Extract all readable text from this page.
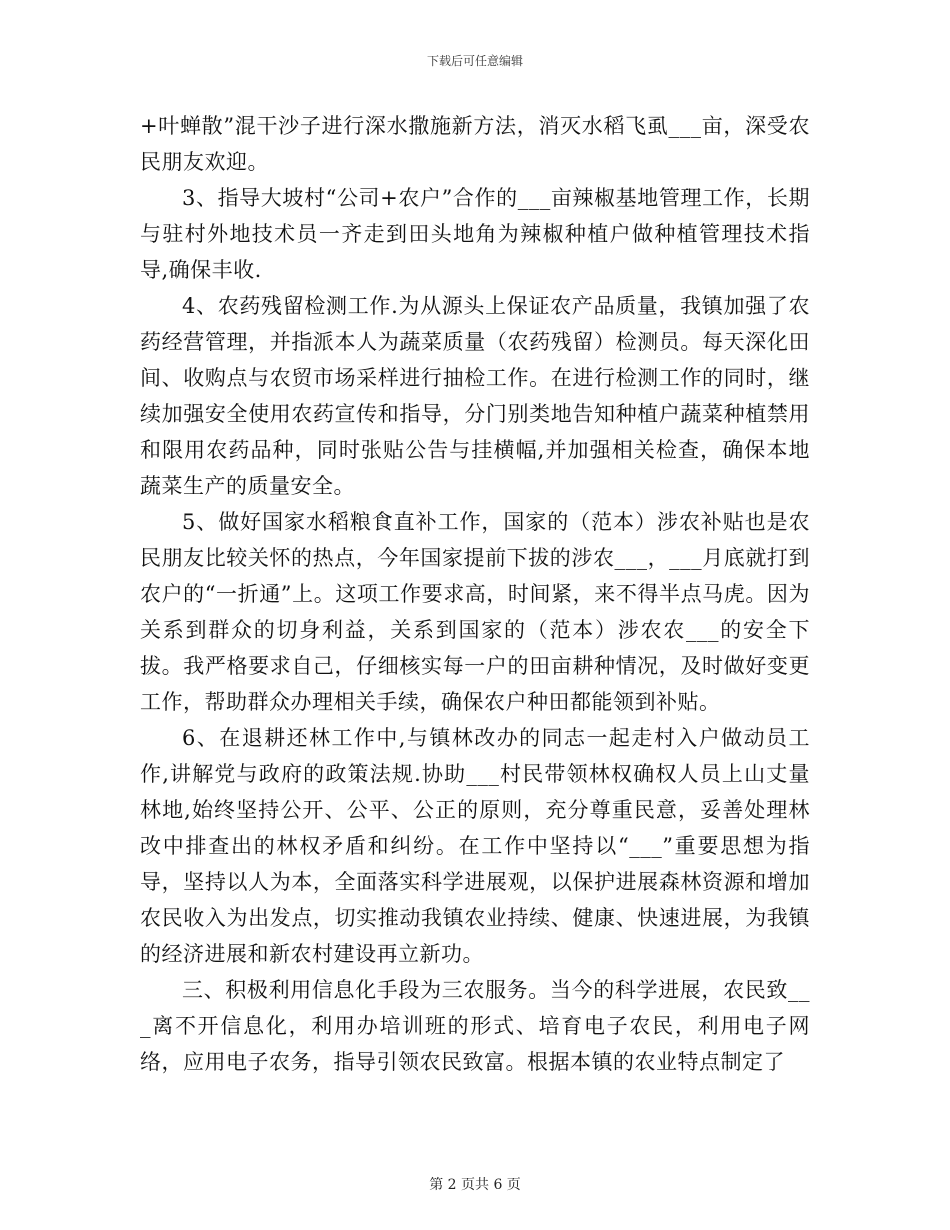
下载后可任意编辑

+叶蝉散”混干沙子进行深水撒施新方法，消灭水稻飞虱___亩，深受农民朋友欢迎。

3、指导大坡村“公司+农户”合作的___亩辣椒基地管理工作，长期与驻村外地技术员一齐走到田头地角为辣椒种植户做种植管理技术指导,确保丰收.

4、农药残留检测工作.为从源头上保证农产品质量，我镇加强了农药经营管理，并指派本人为蔬菜质量（农药残留）检测员。每天深化田间、收购点与农贸市场采样进行抽检工作。在进行检测工作的同时，继续加强安全使用农药宣传和指导，分门别类地告知种植户蔬菜种植禁用和限用农药品种，同时张贴公告与挂横幅,并加强相关检查，确保本地蔬菜生产的质量安全。

5、做好国家水稻粮食直补工作，国家的（范本）涉农补贴也是农民朋友比较关怀的热点，今年国家提前下拔的涉农___，___月底就打到农户的“一折通”上。这项工作要求高，时间紧，来不得半点马虎。因为关系到群众的切身利益，关系到国家的（范本）涉农农___的安全下拔。我严格要求自己，仔细核实每一户的田亩耕种情况，及时做好变更工作，帮助群众办理相关手续，确保农户种田都能领到补贴。

6、在退耕还林工作中,与镇林改办的同志一起走村入户做动员工作,讲解党与政府的政策法规.协助___村民带领林权确权人员上山丈量林地,始终坚持公开、公平、公正的原则，充分尊重民意，妥善处理林改中排查出的林权矛盾和纠纷。在工作中坚持以“___”重要思想为指导，坚持以人为本，全面落实科学进展观，以保护进展森林资源和增加农民收入为出发点，切实推动我镇农业持续、健康、快速进展，为我镇的经济进展和新农村建设再立新功。

三、积极利用信息化手段为三农服务。当今的科学进展，农民致___离不开信息化，利用办培训班的形式、培育电子农民，利用电子网络，应用电子农务，指导引领农民致富。根据本镇的农业特点制定了

第 2 页共 6 页
